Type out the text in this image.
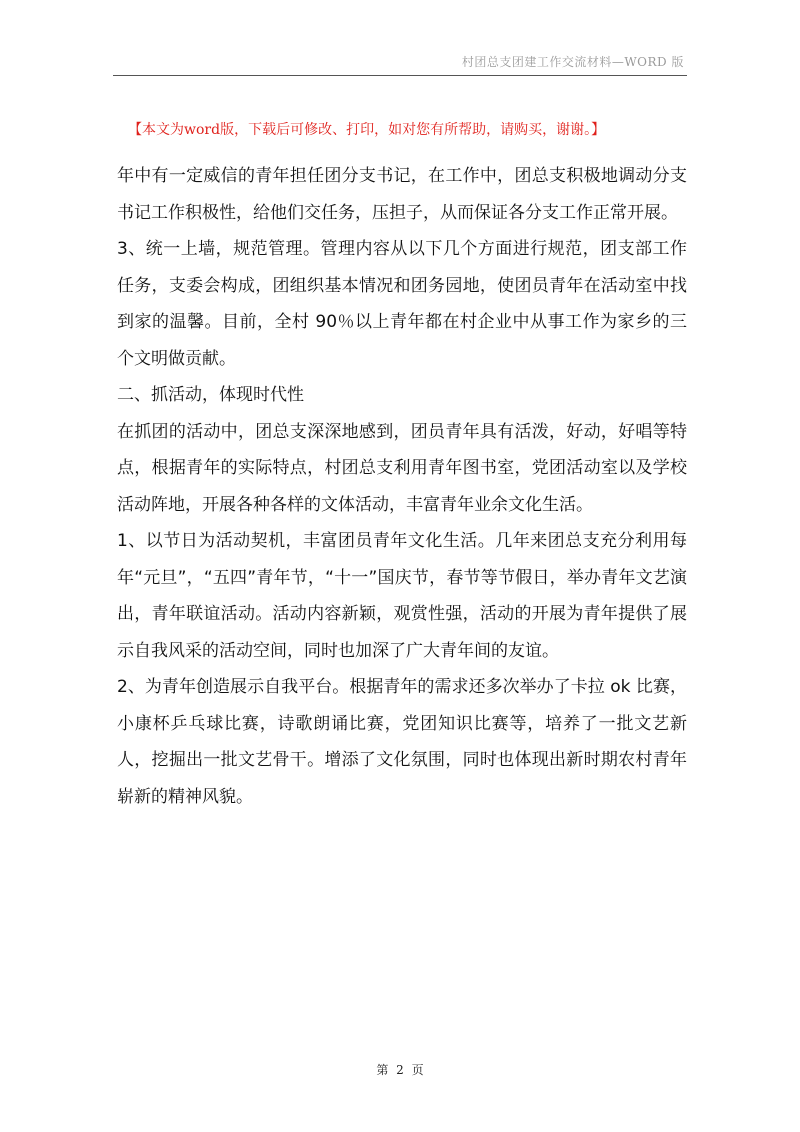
村团总支团建工作交流材料—WORD 版
【本文为word版，下载后可修改、打印，如对您有所帮助，请购买，谢谢。】

年中有一定威信的青年担任团分支书记，在工作中，团总支积极地调动分支书记工作积极性，给他们交任务，压担子，从而保证各分支工作正常开展。

3、统一上墙，规范管理。管理内容从以下几个方面进行规范，团支部工作任务，支委会构成，团组织基本情况和团务园地，使团员青年在活动室中找到家的温馨。目前，全村 90％以上青年都在村企业中从事工作为家乡的三个文明做贡献。

二、抓活动，体现时代性

在抓团的活动中，团总支深深地感到，团员青年具有活泼，好动，好唱等特点，根据青年的实际特点，村团总支利用青年图书室，党团活动室以及学校活动阵地，开展各种各样的文体活动，丰富青年业余文化生活。

1、以节日为活动契机，丰富团员青年文化生活。几年来团总支充分利用每年“元旦”，“五四”青年节，“十一”国庆节，春节等节假日，举办青年文艺演出，青年联谊活动。活动内容新颖，观赏性强，活动的开展为青年提供了展示自我风采的活动空间，同时也加深了广大青年间的友谊。

2、为青年创造展示自我平台。根据青年的需求还多次举办了卡拉 ok 比赛，小康杯乒乓球比赛，诗歌朗诵比赛，党团知识比赛等，培养了一批文艺新人，挖掘出一批文艺骨干。增添了文化氛围，同时也体现出新时期农村青年崭新的精神风貌。

第 2 页
